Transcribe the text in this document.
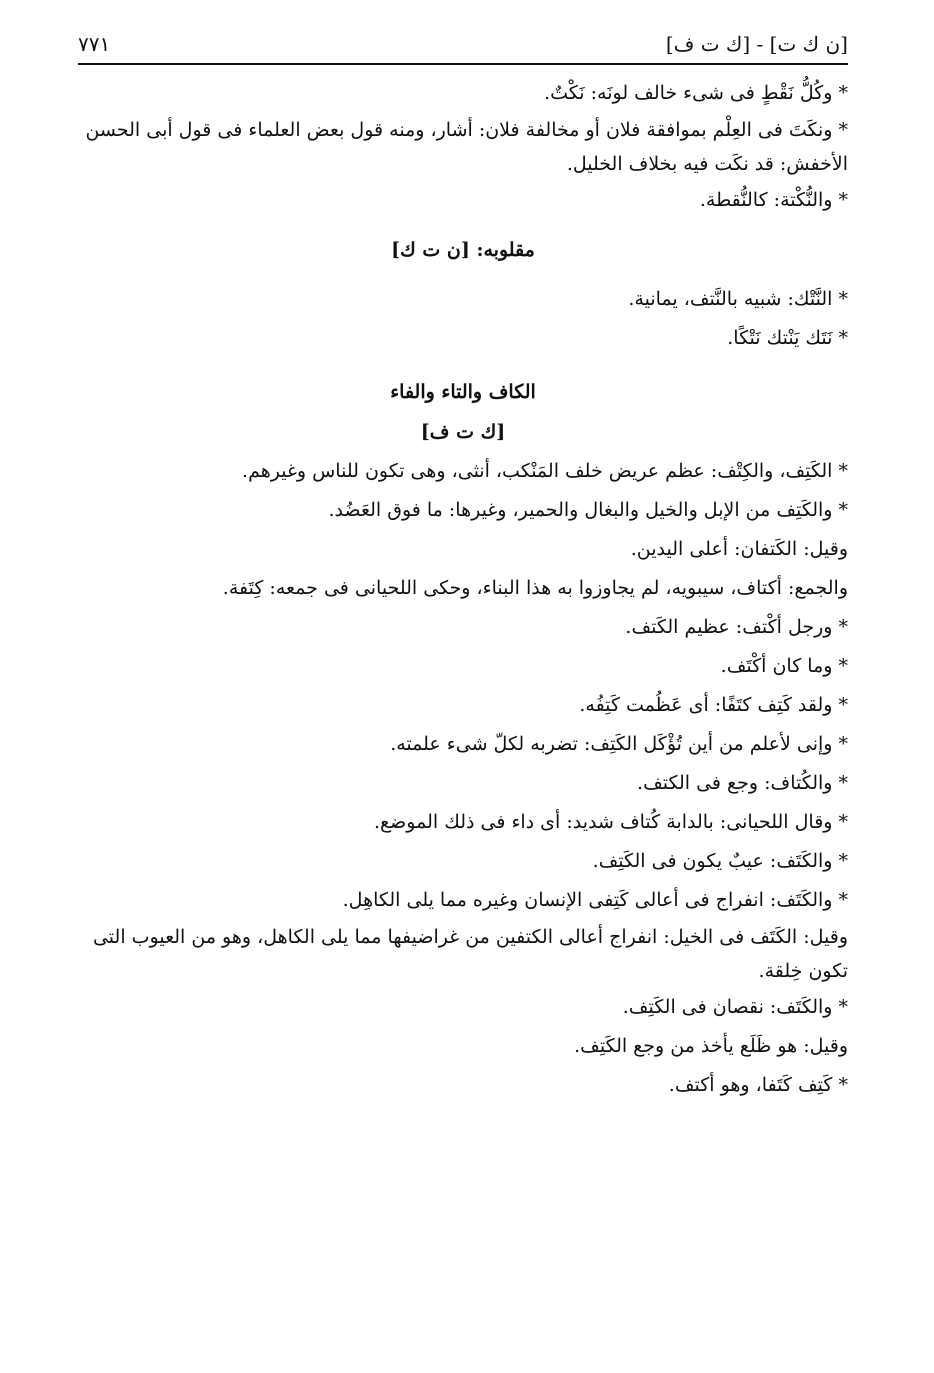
[ن ك ت] - [ك ت ف]
٧٧١

* وكُلُّ نَقْطٍ فى شىء خالف لونَه: نَكْتٌ.

* ونكَتَ فى العِلْم بموافقة فلان أو مخالفة فلان: أشار، ومنه قول بعض العلماء فى قول أبى الحسن الأخفش: قد نكَت فيه بخلاف الخليل.

* والنُّكْتة: كالنُّقطة.

مقلوبه: [ن ت ك]

* النَّتْك: شبيه بالنَّتف، يمانية.

* نَتَك يَنْتك نَتْكًا.

الكاف والتاء والفاء

[ك ت ف]

* الكَتِف، والكِتْف: عظم عريض خلف المَنْكب، أنثى، وهى تكون للناس وغيرهم.

* والكَتِف من الإبل والخيل والبغال والحمير، وغيرها: ما فوق العَضُد.

وقيل: الكَتفان: أعلى اليدين.

والجمع: أكتاف، سيبويه، لم يجاوزوا به هذا البناء، وحكى اللحيانى فى جمعه: كِتَفة.

* ورجل أكْتف: عظيم الكَتف.

* وما كان أكْتَف.

* ولقد كَتِف كتَفًا: أى عَظُمت كَتِفُه.

* وإنى لأعلم من أين تُؤْكَل الكَتِف: تضربه لكلّ شىء علمته.

* والكُتاف: وجع فى الكتف.

* وقال اللحيانى: بالدابة كُتاف شديد: أى داء فى ذلك الموضع.

* والكَتَف: عيبٌ يكون فى الكَتِف.

* والكَتَف: انفراج فى أعالى كَتِفى الإنسان وغيره مما يلى الكاهِل.

وقيل: الكَتَف فى الخيل: انفراج أعالى الكتفين من غراضيفها مما يلى الكاهل، وهو من العيوب التى تكون خِلقة.

* والكَتَف: نقصان فى الكَتِف.

وقيل: هو ظَلَع يأخذ من وجع الكَتِف.

* كَتِف كَتَفا، وهو أكتف.
